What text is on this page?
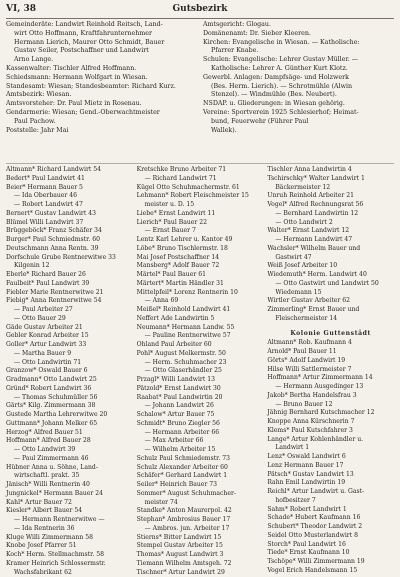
VI, 38	Gutsbezirk
Gemeinderäte: Landwirt Reinhold Reitsch, Land-
wirt Otto Hoffmann, Kraftfahrunternehmer
Hermann Lierich, Maurer Otto Schmidt, Bauer
Gustav Seiler, Postschaffner und Landwirt
Arno Lange.
Kassenwalter: Tischler Alfred Hoffmann.
Schiedsmann: Hermann Wolfgart in Wiesan.
Standesamt: Wiesan; Standesbeamter: Richard Kurz.
Amtsbezirk: Wiesan.
Amtsvorsteher: Dr. Paul Mietz in Rosenau.
Gendarmerie: Wiesan; Gend.-Oberwachtmeister
Paul Pachow.
Poststelle: Jahr Mai
Amtsgericht: Glogau.
Domänenamt: Dr. Sieber Kleeren.
Kirchen: Evangelische in Wiesan. — Katholische:
Pfarrer Knabe.
Schulen: Evangelische: Lehrer Gustav Müller. —
Katholische: Lehrer A. Günther Kurt Klotz.
Gewerbl. Anlagen: Dampfsäge- und Holzwerk
(Bes. Herm. Lierich). — Schrotmühle (Alwin
Stenzel). — Windmühle (Bes. Neubert).
NSDAP. u. Gliederungen: in Wiesan gehörig.
Vereine: Sportverein 1925 Schlesierhof; Heimat-
bund, Feuerwehr (Führer Paul
Wallek).
Altmann* Richard Landwirt 54
Bedert* Paul Landwirt 41
Beier* Hermann Bauer 5
— Ida Oberbauer 46
— Robert Landwirt 47
Bernert* Gustav Landwirt 43
Blümel Willi Landwirt 37
Brüggeböck* Franz Schäfer 34
Burger* Paul Schmiedmstr. 60
Deutschmann Anna Rentn. 39
Dorfschule Grube Rentnerwitwe 33
Kilgenin 12
Eberle* Richard Bauer 26
Faulbeit* Paul Landwirt 39
Fiebler Marie Rentnerwitwe 21
Fiebig* Anna Rentnerwitwe 54
— Paul Arbeiter 27
— Otto Bauer 29
Gäde Gustav Arbeiter 21
Gebler Konrad Arbeiter 15
Goller* Artur Landwirt 33
— Martha Bauer 9
— Otto Landwirtin 71
Granzow* Oswald Bauer 6
Gradmann* Otto Landwirt 25
Gründ* Robert Landwirt 36
— Thomas Schuhmüller 56
Gärts* Kilg. Zimmermann 38
Gustede Martha Lehrerwitwe 20
Guttmann* Johann Melker 65
Herzog* Alfred Bauer 51
Hoffmann* Alfred Bauer 28
— Otto Landwirt 39
— Paul Zimmermann 46
Hübner Anna u. Söhne, Land-
wirtschaftl. prakt. 35
Jänisch* Willi Rentnerin 40
Jungnickel* Hermann Bauer 24
Kahl* Artur Bauer 72
Kiesler* Albert Bauer 54
— Hermann Rentnerwitwe —
— Ida Rentnerin 36
Kluge Willi Zimmermann 58
Knobe Josef Pfarrer 51
Koch* Herm. Stellmachmstr. 58
Kramer Heinrich Schlossermstr.
Wachsfabrikant 62
Kretschke Bruno Arbeiter 71
— Richard Landwirt 71
Kügel Otto Schuhmachermstr. 61
Lehmann* Robert Fleischmeister 15
meister u. D. 15
Liebe* Ernst Landwirt 11
Lierich* Paul Bauer 22
— Ernst Bauer 7
Lentz Karl Lehrer u. Kantor 49
Löbe* Bruno Tischlermstr. 18
Mai Josef Postschaffner 14
Mansberg* Adolf Bauer 72
Märtel* Paul Bauer 61
Märtert* Martin Händler 31
Mittelpfeil* Lorenz Rentnerin 10
— Anna 69
Meißel* Reinhold Landwirt 41
Neffert Ade Landwirtin 5
Neumann* Hermann Landw. 55
— Pauline Rentnerwitwe 57
Ohland Paul Arbeiter 60
Pohl* August Melkermstr. 50
— Herm. Schuhmacher 23
— Otto Glaserhändler 25
Przagl* Willi Landwirt 13
Pätzold* Ernst Landwirt 30
Raabat* Paul Landwirtin 20
— Johann Landwirt 26
Schalow* Artur Bauer 75
Schmidt* Bruno Ziegler 56
— Hermann Arbeiter 66
— Max Arbeiter 66
— Wilhelm Arbeiter 15
Schulz Paul Schmiedemstr. 73
Schulz Alexander Arbeiter 60
Schäfer* Gerhard Landwirt 1
Seiler* Heinrich Bauer 73
Sommer* August Schuhmacher-
meister 74
Standke* Anton Maurerpol. 42
Stephan* Ambrosius Bauer 17
— Ambros. jun. Arbeiter 17
Stierns* Bitter Landwirt 15
Stempel Gustav Arbeiter 15
Thomas* August Landwirt 3
Tiemann Wilhelm Amtsgeh. 72
Tischner* Artur Landwirt 29
Tischler Anna Landwirtin 4
Tschirschky* Walter Landwirt 1
Bäckermeister 12
Unruh Reinhold Arbeiter 21
Vogel* Alfred Rechnungsrat 56
— Bernhard Landwirtin 12
— Otto Landwirt 2
Walter* Ernst Landwirt 12
— Hermann Landwirt 47
Wachsler* Wilhelm Bauer und
Gastwirt 47
Weiß Josef Arbeiter 10
Wiedemuth* Herm. Landwirt 40
— Otto Gastwirt und Landwirt 50
Wiedemann 15
Wirtler Gustav Arbeiter 62
Zimmerling* Ernst Bauer und
Fleischermeister 14
Kolonie Guttenstädt
Altmann* Rob. Kaufmann 4
Arnold* Paul Bauer 11
Görts* Adolf Landwirt 19
Hilse Willi Sattlermeister 7
Hoffmann* Artur Zimmermann 14
— Hermann Ausgedinger 13
Jakob* Bertha Handelsfrau 3
— Bruno Bauer 12
Jähnig Bernhard Kutschmacher 12
Knoppe Anna Kürschnerin 7
Klems* Paul Kutschfahrer 3
Lange* Artur Kohlenhändler u.
Landwirt 1
Lenz* Oswald Landwirt 6
Lenz Hermann Bauer 17
Pätsch* Gustav Landwirt 13
Rahn Emil Landwirtin 19
Reichl* Artur Landwirt u. Gast-
hofbesitzer 7
Sahm* Robert Landwirt 1
Schade* Hubert Kaufmann 16
Schubert* Theodor Landwirt 2
Seidel Otto Musterlandwirt 8
Storch* Paul Landwirt 16
Tiede* Ernst Kaufmann 10
Tschöpe* Willi Zimmermann 19
Vogel Erich Handelsmann 15
